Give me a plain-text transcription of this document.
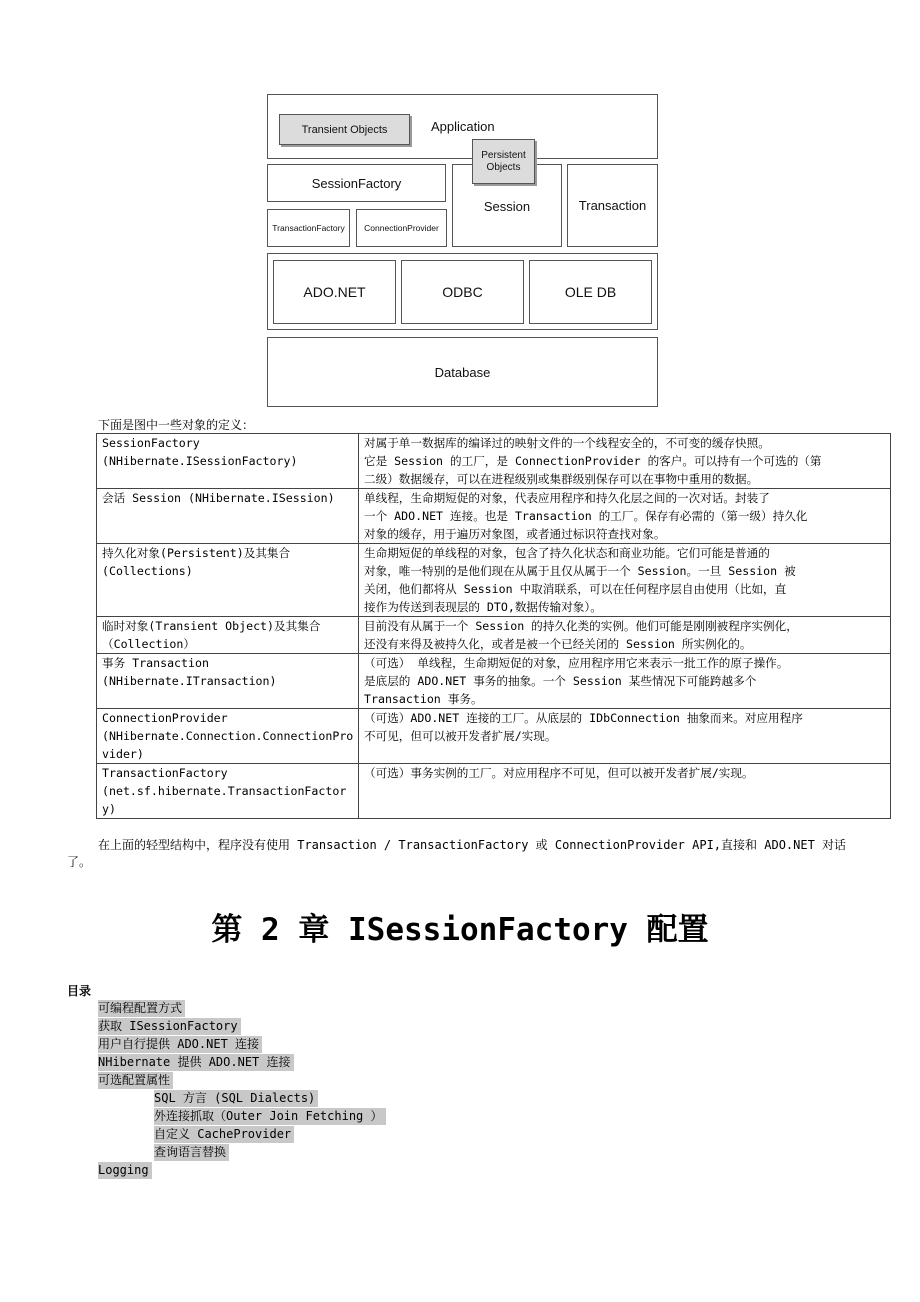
Transient Objects	Application
SessionFactory
TransactionFactory ConnectionProvider
Session
Persistent Objects
Transaction
ADO.NET	ODBC	OLE DB
Database
下面是图中一些对象的定义：
SessionFactory
(NHibernate.ISessionFactory)	对属于单一数据库的编译过的映射文件的一个线程安全的，不可变的缓存快照。
它是 Session 的工厂，是 ConnectionProvider 的客户。可以持有一个可选的（第
二级）数据缓存，可以在进程级别或集群级别保存可以在事物中重用的数据。
会话 Session (NHibernate.ISession)	单线程，生命期短促的对象，代表应用程序和持久化层之间的一次对话。封装了
一个 ADO.NET 连接。也是 Transaction 的工厂。保存有必需的（第一级）持久化
对象的缓存，用于遍历对象图，或者通过标识符查找对象。
持久化对象(Persistent)及其集合
(Collections)	生命期短促的单线程的对象，包含了持久化状态和商业功能。它们可能是普通的
对象，唯一特别的是他们现在从属于且仅从属于一个 Session。一旦 Session 被
关闭，他们都将从 Session 中取消联系，可以在任何程序层自由使用（比如，直
接作为传送到表现层的 DTO,数据传输对象）。
临时对象(Transient Object)及其集合
（Collection）	目前没有从属于一个 Session 的持久化类的实例。他们可能是刚刚被程序实例化，
还没有来得及被持久化，或者是被一个已经关闭的 Session 所实例化的。
事务 Transaction
(NHibernate.ITransaction)	（可选） 单线程，生命期短促的对象，应用程序用它来表示一批工作的原子操作。
是底层的 ADO.NET 事务的抽象。一个 Session 某些情况下可能跨越多个
Transaction 事务。
ConnectionProvider
(NHibernate.Connection.ConnectionProvider)	（可选）ADO.NET 连接的工厂。从底层的 IDbConnection 抽象而来。对应用程序
不可见，但可以被开发者扩展/实现。
TransactionFactory
(net.sf.hibernate.TransactionFactory)	（可选）事务实例的工厂。对应用程序不可见，但可以被开发者扩展/实现。
在上面的轻型结构中，程序没有使用 Transaction / TransactionFactory 或 ConnectionProvider API,直接和 ADO.NET 对话
了。
第 2 章 ISessionFactory 配置
目录
可编程配置方式
获取 ISessionFactory
用户自行提供 ADO.NET 连接
NHibernate 提供 ADO.NET 连接
可选配置属性
SQL 方言 (SQL Dialects)
外连接抓取（Outer Join Fetching ）
自定义 CacheProvider
查询语言替换
Logging
